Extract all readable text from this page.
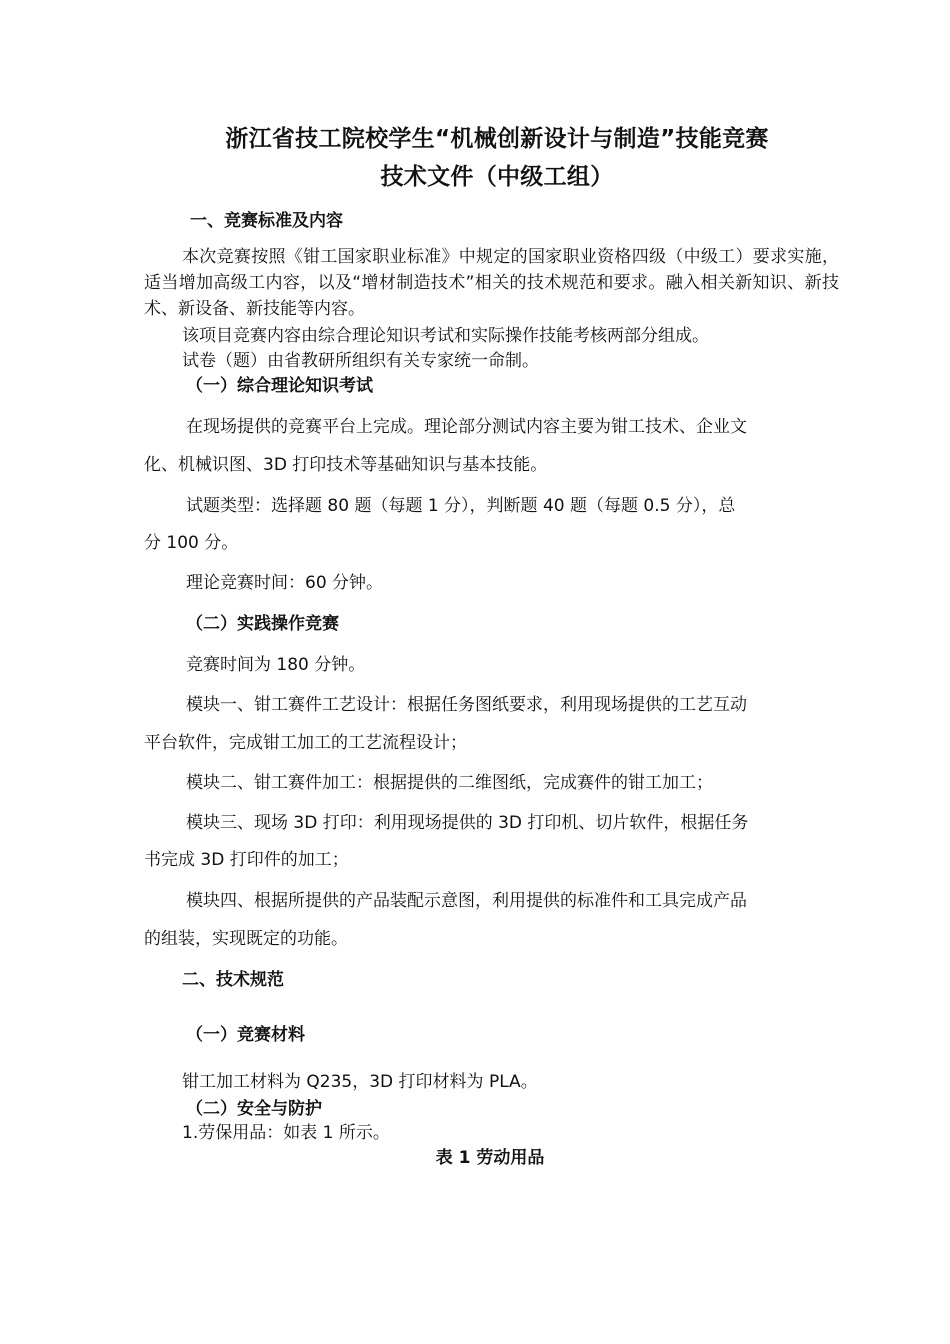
浙江省技工院校学生“机械创新设计与制造”技能竞赛
技术文件（中级工组）
一、竞赛标准及内容
本次竞赛按照《钳工国家职业标准》中规定的国家职业资格四级（中级工）要求实施，适当增加高级工内容，以及“增材制造技术”相关的技术规范和要求。融入相关新知识、新技术、新设备、新技能等内容。
该项目竞赛内容由综合理论知识考试和实际操作技能考核两部分组成。
试卷（题）由省教研所组织有关专家统一命制。
（一）综合理论知识考试
在现场提供的竞赛平台上完成。理论部分测试内容主要为钳工技术、企业文
化、机械识图、3D 打印技术等基础知识与基本技能。
试题类型：选择题 80 题（每题 1 分），判断题 40 题（每题 0.5 分），总
分 100 分。
理论竞赛时间：60 分钟。
（二）实践操作竞赛
竞赛时间为 180 分钟。
模块一、钳工赛件工艺设计：根据任务图纸要求，利用现场提供的工艺互动
平台软件，完成钳工加工的工艺流程设计；
模块二、钳工赛件加工：根据提供的二维图纸，完成赛件的钳工加工；
模块三、现场 3D 打印：利用现场提供的 3D 打印机、切片软件，根据任务
书完成 3D 打印件的加工；
模块四、根据所提供的产品装配示意图，利用提供的标准件和工具完成产品
的组装，实现既定的功能。
二、技术规范
（一）竞赛材料
钳工加工材料为 Q235，3D 打印材料为 PLA。
（二）安全与防护
1.劳保用品：如表 1 所示。
表 1 劳动用品
